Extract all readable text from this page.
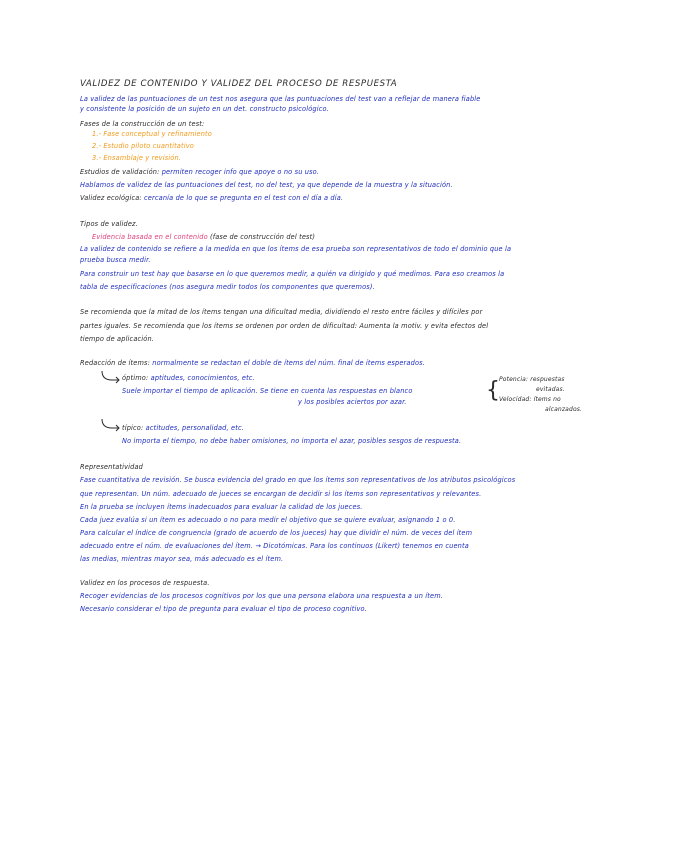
VALIDEZ DE CONTENIDO Y VALIDEZ DEL PROCESO DE RESPUESTA
La validez de las puntuaciones de un test nos asegura que las puntuaciones del test van a reflejar de manera fiable
y consistente la posición de un sujeto en un det. constructo psicológico.
Fases de la construcción de un test:
1.- Fase conceptual y refinamiento
2.- Estudio piloto cuantitativo
3.- Ensamblaje y revisión.
Estudios de validación: permiten recoger info que apoye o no su uso.
Hablamos de validez de las puntuaciones del test, no del test, ya que depende de la muestra y la situación.
Validez ecológica: cercanía de lo que se pregunta en el test con el día a día.
Tipos de validez.
Evidencia basada en el contenido (fase de construcción del test)
La validez de contenido se refiere a la medida en que los ítems de esa prueba son representativos de todo el dominio que la
prueba busca medir.
Para construir un test hay que basarse en lo que queremos medir, a quién va dirigido y qué medimos. Para eso creamos la
tabla de especificaciones (nos asegura medir todos los componentes que queremos).
Se recomienda que la mitad de los ítems tengan una dificultad media, dividiendo el resto entre fáciles y difíciles por
partes iguales. Se recomienda que los ítems se ordenen por orden de dificultad: Aumenta la motiv. y evita efectos del
tiempo de aplicación.
Redacción de ítems: normalmente se redactan el doble de ítems del núm. final de ítems esperados.
óptimo: aptitudes, conocimientos, etc.
Suele importar el tiempo de aplicación. Se tiene en cuenta las respuestas en blanco
y los posibles aciertos por azar.	{ Potencia: respuestas
evitadas.
Velocidad: ítems no
alcanzados.
típico: actitudes, personalidad, etc.
No importa el tiempo, no debe haber omisiones, no importa el azar, posibles sesgos de respuesta.
Representatividad
Fase cuantitativa de revisión. Se busca evidencia del grado en que los ítems son representativos de los atributos psicológicos
que representan. Un núm. adecuado de jueces se encargan de decidir si los ítems son representativos y relevantes.
En la prueba se incluyen ítems inadecuados para evaluar la calidad de los jueces.
Cada juez evalúa si un ítem es adecuado o no para medir el objetivo que se quiere evaluar, asignando 1 o 0.
Para calcular el índice de congruencia (grado de acuerdo de los jueces) hay que dividir el núm. de veces del ítem
adecuado entre el núm. de evaluaciones del ítem. → Dicotómicas. Para los continuos (Likert) tenemos en cuenta
las medias, mientras mayor sea, más adecuado es el ítem.
Validez en los procesos de respuesta.
Recoger evidencias de los procesos cognitivos por los que una persona elabora una respuesta a un ítem.
Necesario considerar el tipo de pregunta para evaluar el tipo de proceso cognitivo.
